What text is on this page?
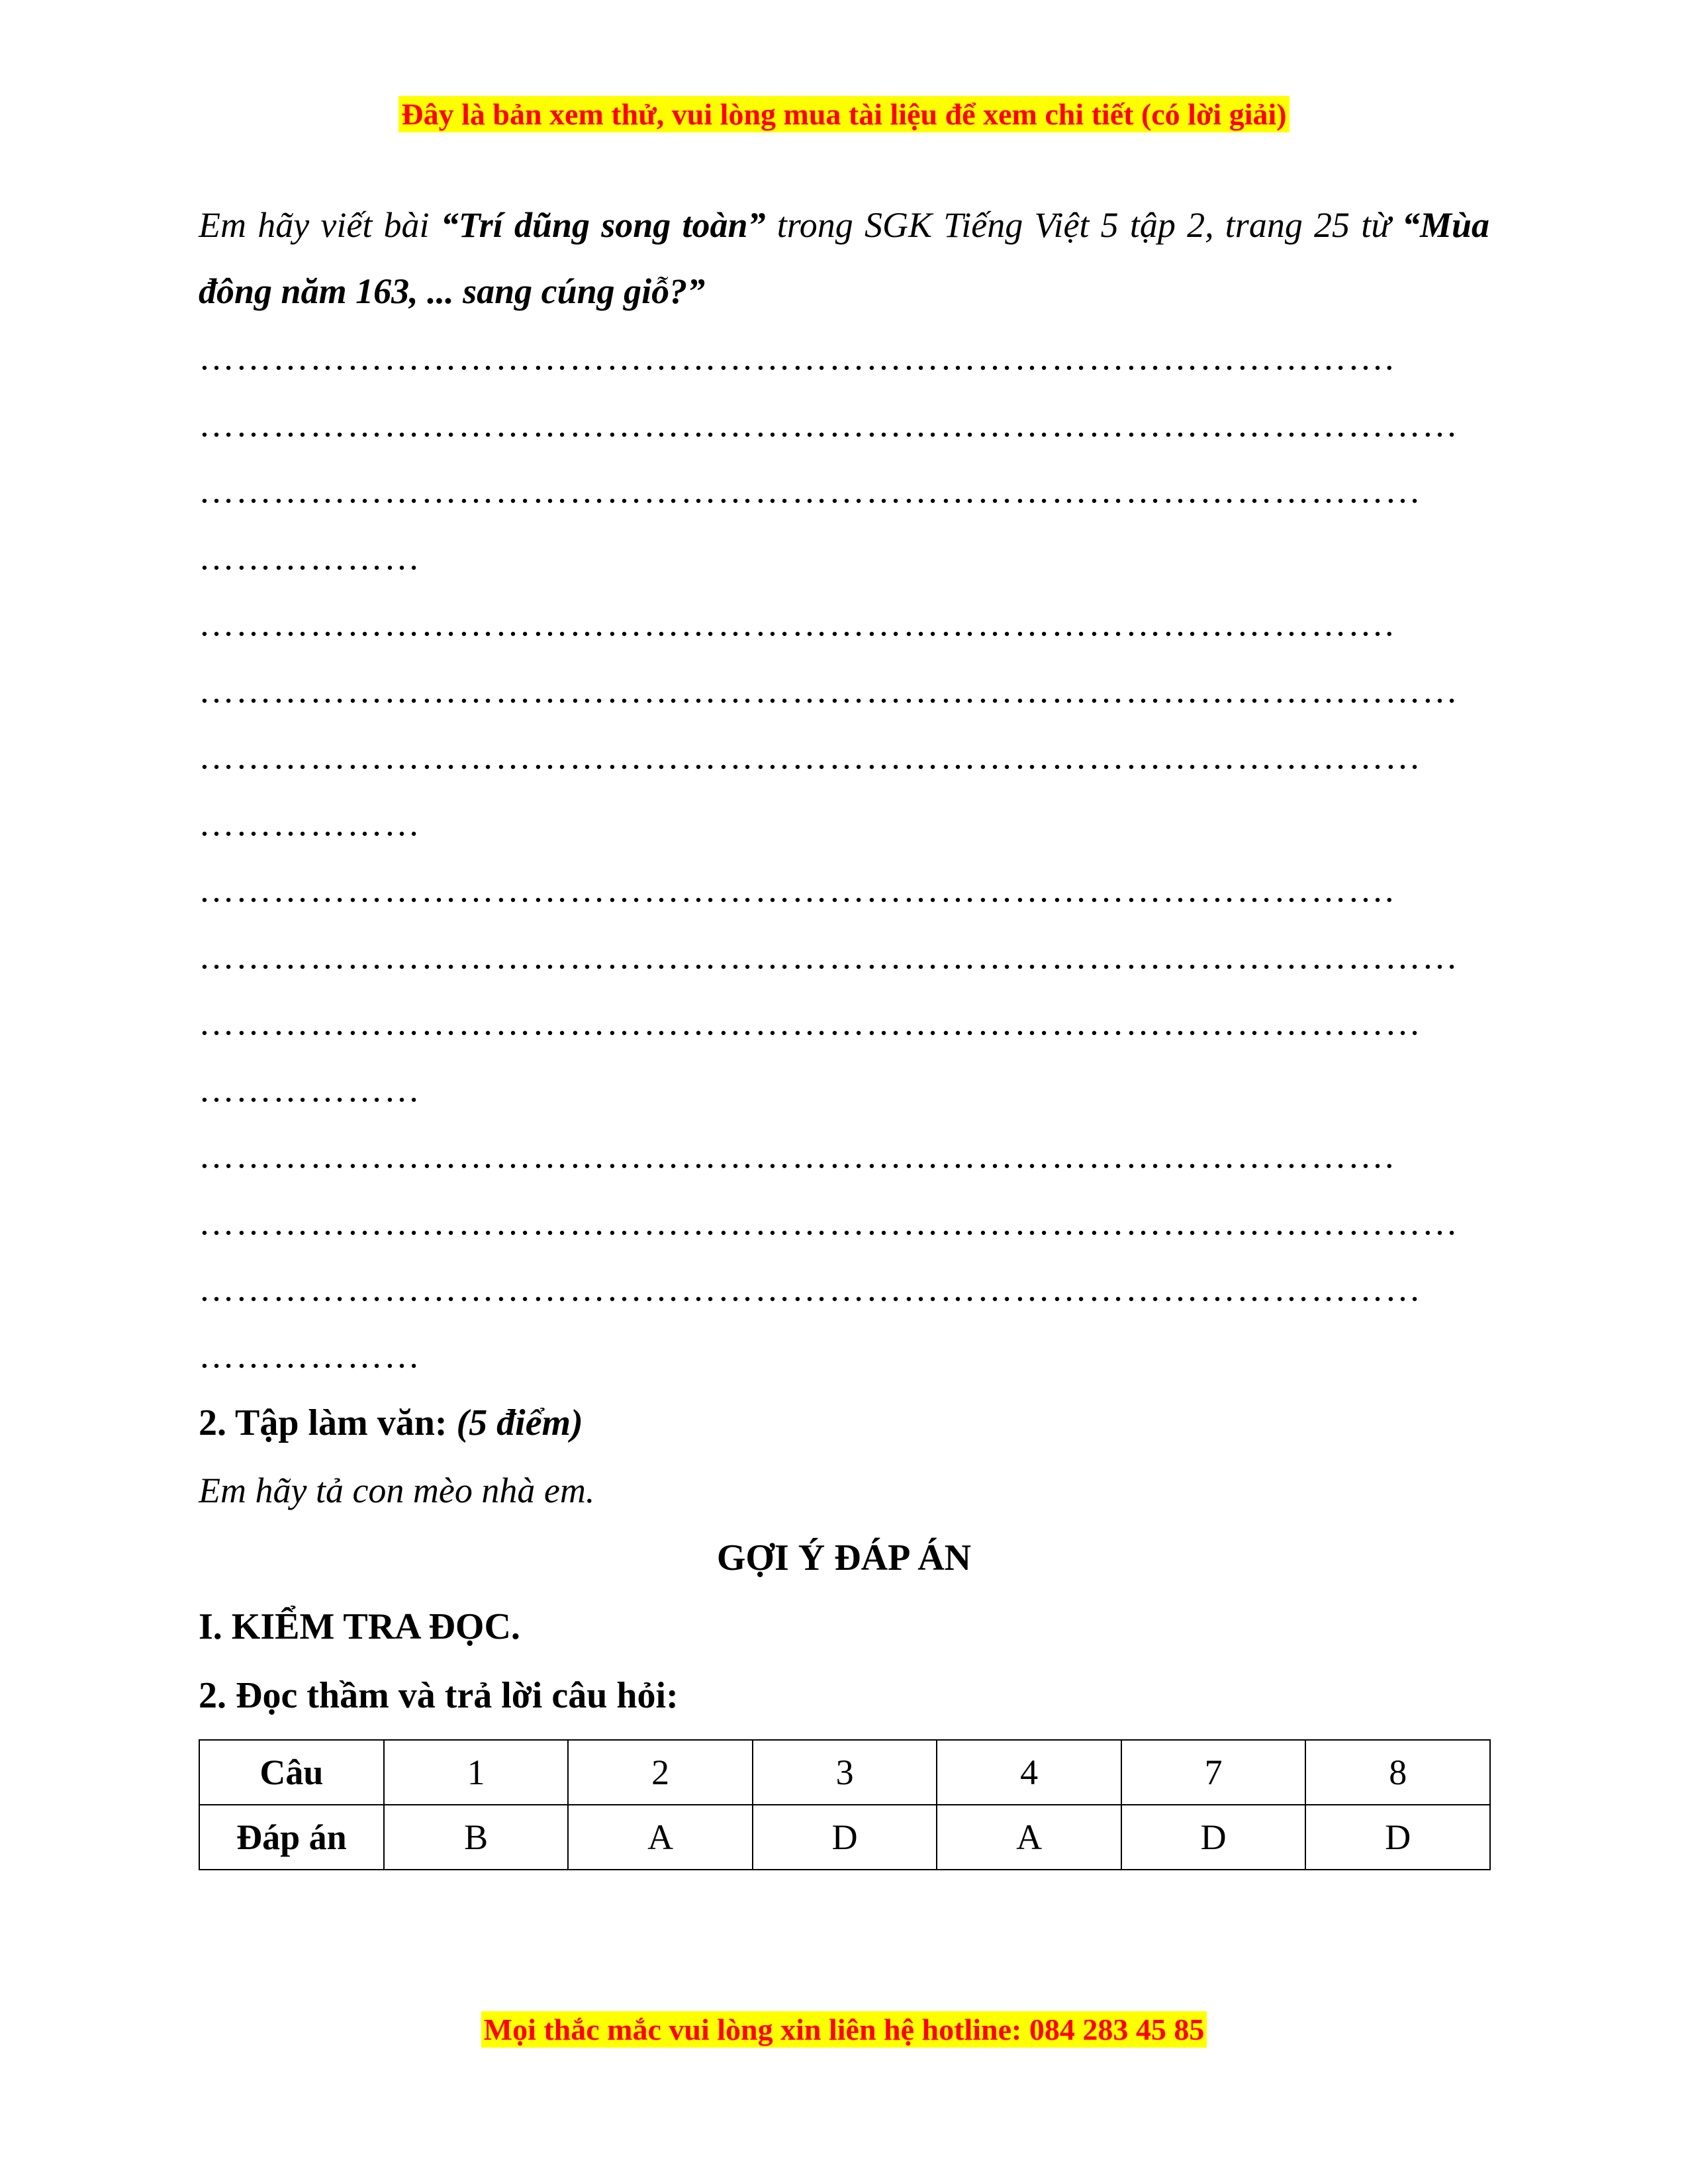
Đây là bản xem thử, vui lòng mua tài liệu để xem chi tiết (có lời giải)
Em hãy viết bài “Trí dũng song toàn” trong SGK Tiếng Việt 5 tập 2, trang 25 từ “Mùa đông năm 163, ... sang cúng giỗ?”
…………………………………………………………………………………….
…………………………………………………………………………………………
………………………………………………………………………………………
………………
…………………………………………………………………………………….
…………………………………………………………………………………………
………………………………………………………………………………………
………………
…………………………………………………………………………………….
…………………………………………………………………………………………
………………………………………………………………………………………
………………
…………………………………………………………………………………….
…………………………………………………………………………………………
………………………………………………………………………………………
………………
2. Tập làm văn: (5 điểm)
Em hãy tả con mèo nhà em.
GỢI Ý ĐÁP ÁN
I. KIỂM TRA ĐỌC.
2. Đọc thầm và trả lời câu hỏi:
Câu	1	2	3	4	7	8
Đáp án	B	A	D	A	D	D
Mọi thắc mắc vui lòng xin liên hệ hotline: 084 283 45 85
